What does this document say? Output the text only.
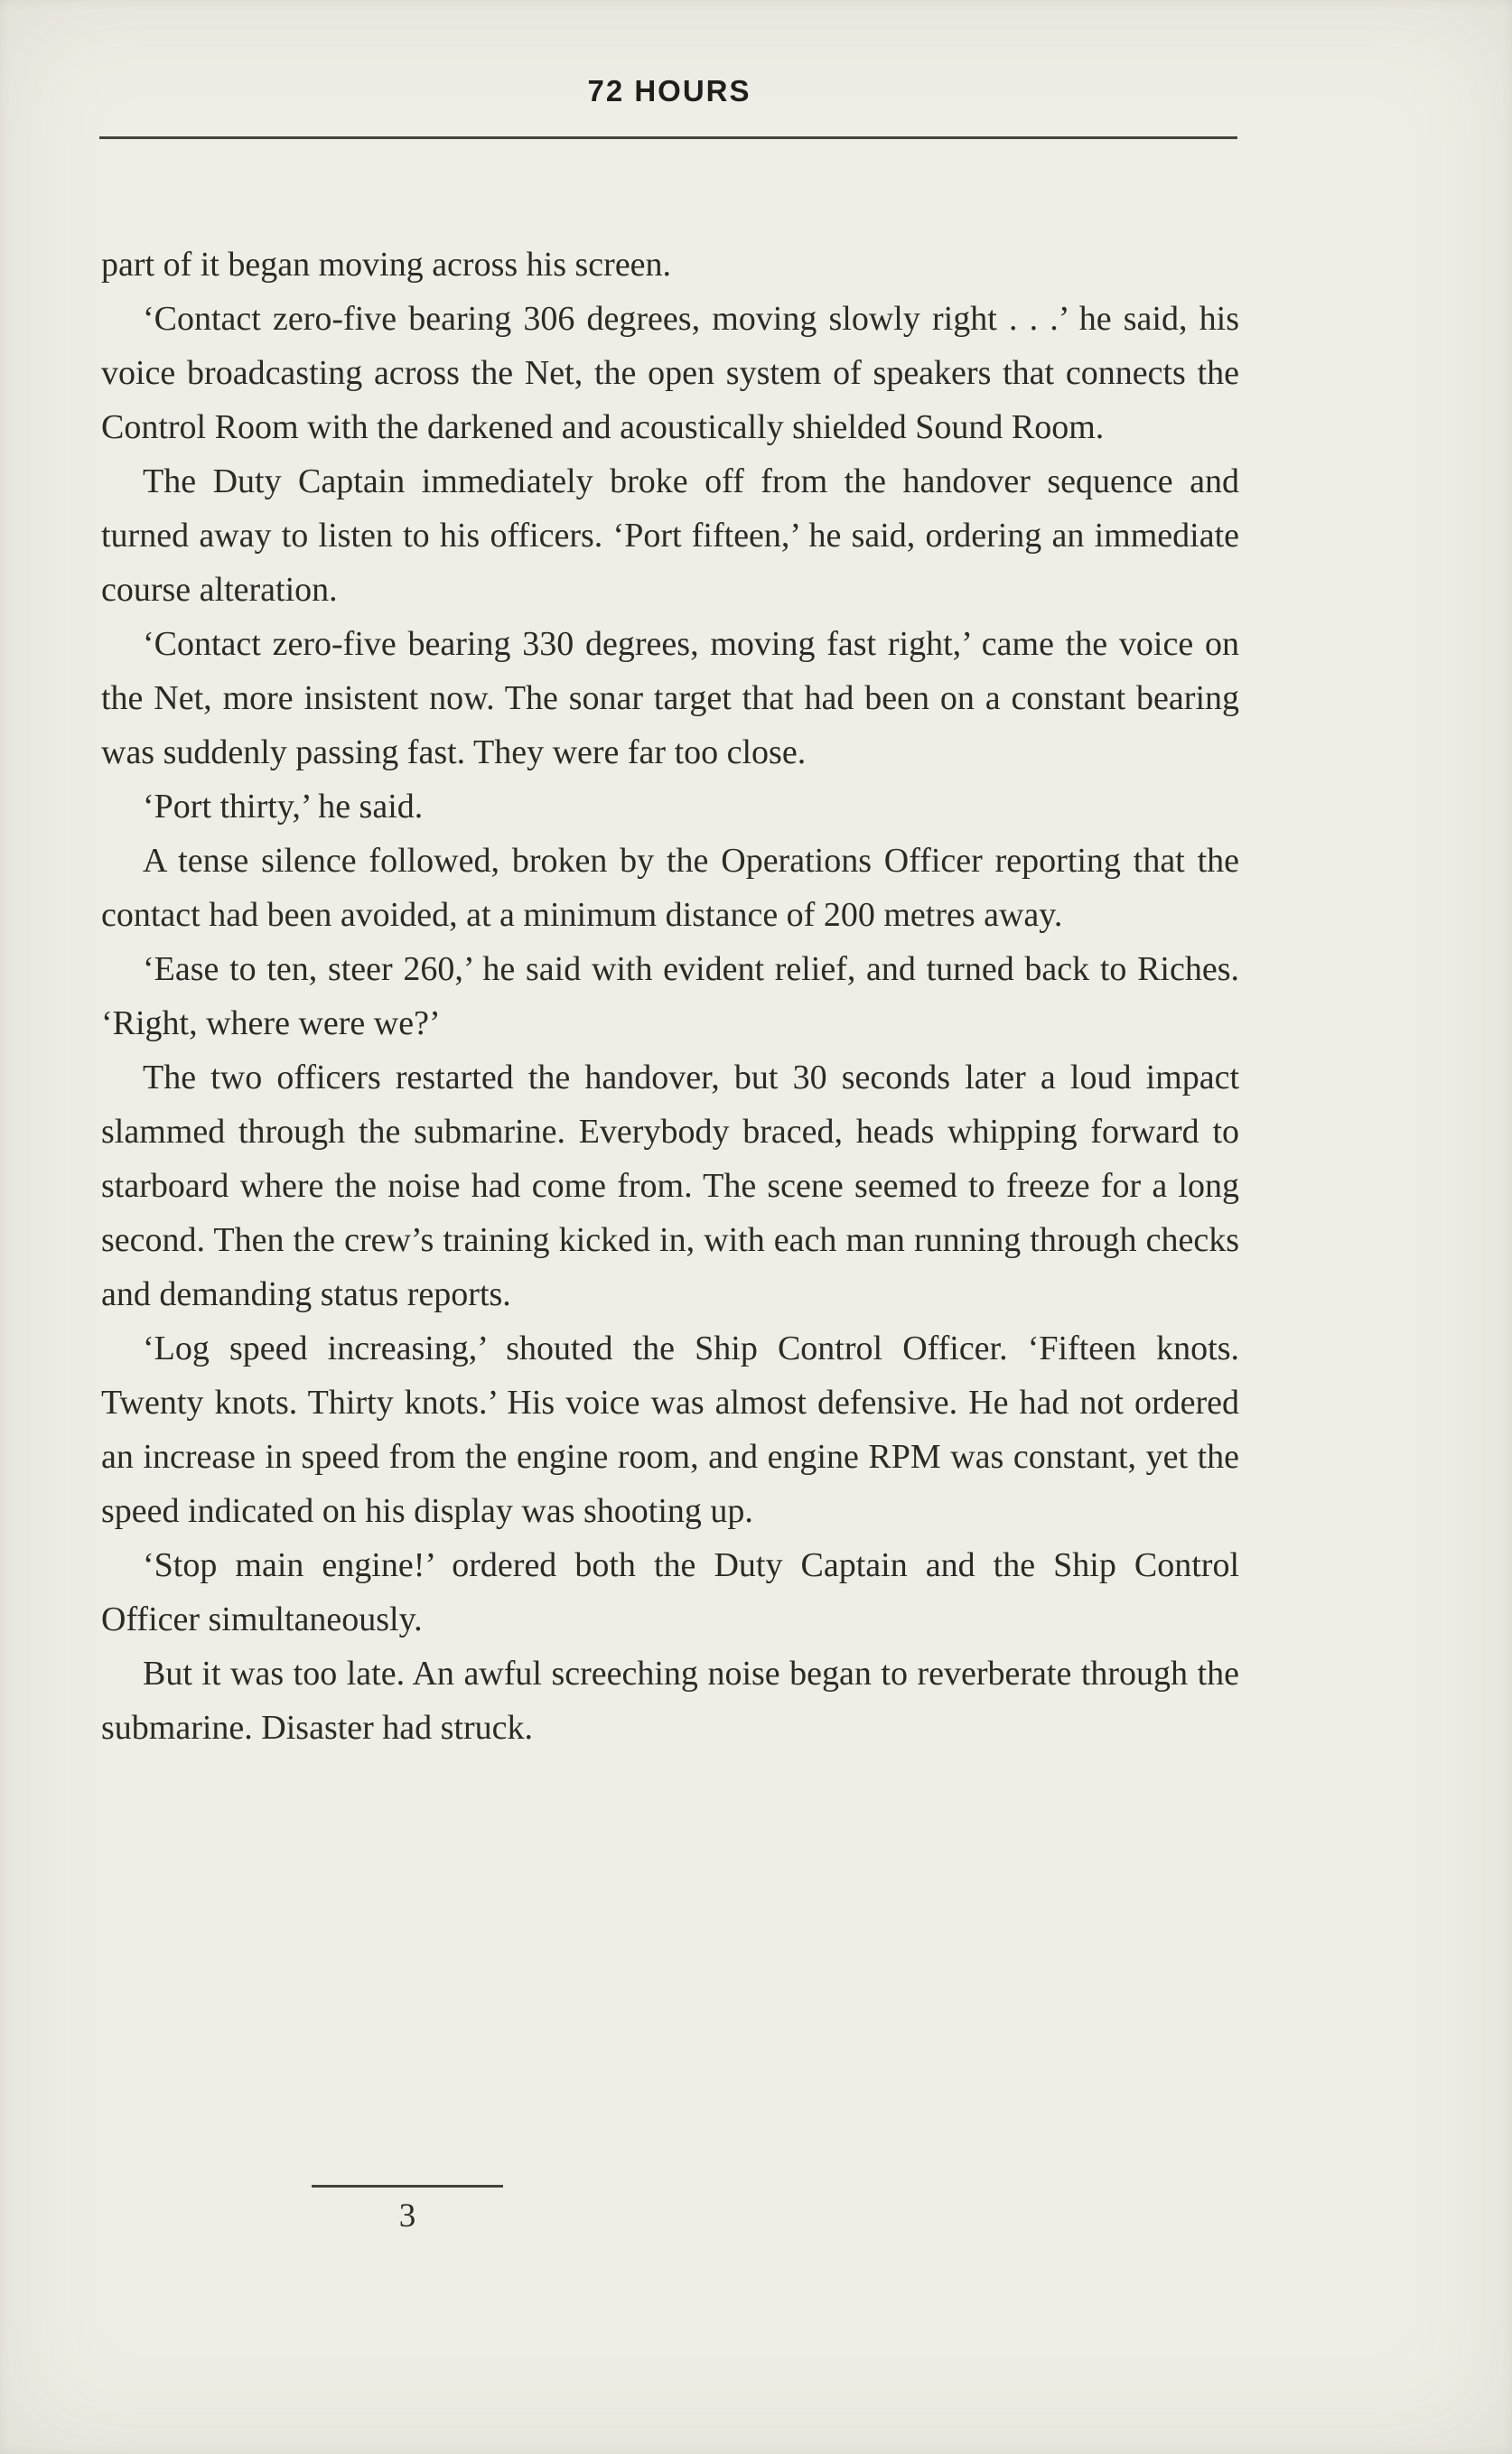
72 HOURS

part of it began moving across his screen.

‘Contact zero-five bearing 306 degrees, moving slowly right . . .’ he said, his voice broadcasting across the Net, the open system of speakers that connects the Control Room with the darkened and acoustically shielded Sound Room.

The Duty Captain immediately broke off from the handover sequence and turned away to listen to his officers. ‘Port fifteen,’ he said, ordering an immediate course alteration.

‘Contact zero-five bearing 330 degrees, moving fast right,’ came the voice on the Net, more insistent now. The sonar target that had been on a constant bearing was suddenly passing fast. They were far too close.

‘Port thirty,’ he said.

A tense silence followed, broken by the Operations Officer reporting that the contact had been avoided, at a minimum distance of 200 metres away.

‘Ease to ten, steer 260,’ he said with evident relief, and turned back to Riches. ‘Right, where were we?’

The two officers restarted the handover, but 30 seconds later a loud impact slammed through the submarine. Everybody braced, heads whipping forward to starboard where the noise had come from. The scene seemed to freeze for a long second. Then the crew’s training kicked in, with each man running through checks and demanding status reports.

‘Log speed increasing,’ shouted the Ship Control Officer. ‘Fifteen knots. Twenty knots. Thirty knots.’ His voice was almost defensive. He had not ordered an increase in speed from the engine room, and engine RPM was constant, yet the speed indicated on his display was shooting up.

‘Stop main engine!’ ordered both the Duty Captain and the Ship Control Officer simultaneously.

But it was too late. An awful screeching noise began to reverberate through the submarine. Disaster had struck.

3
